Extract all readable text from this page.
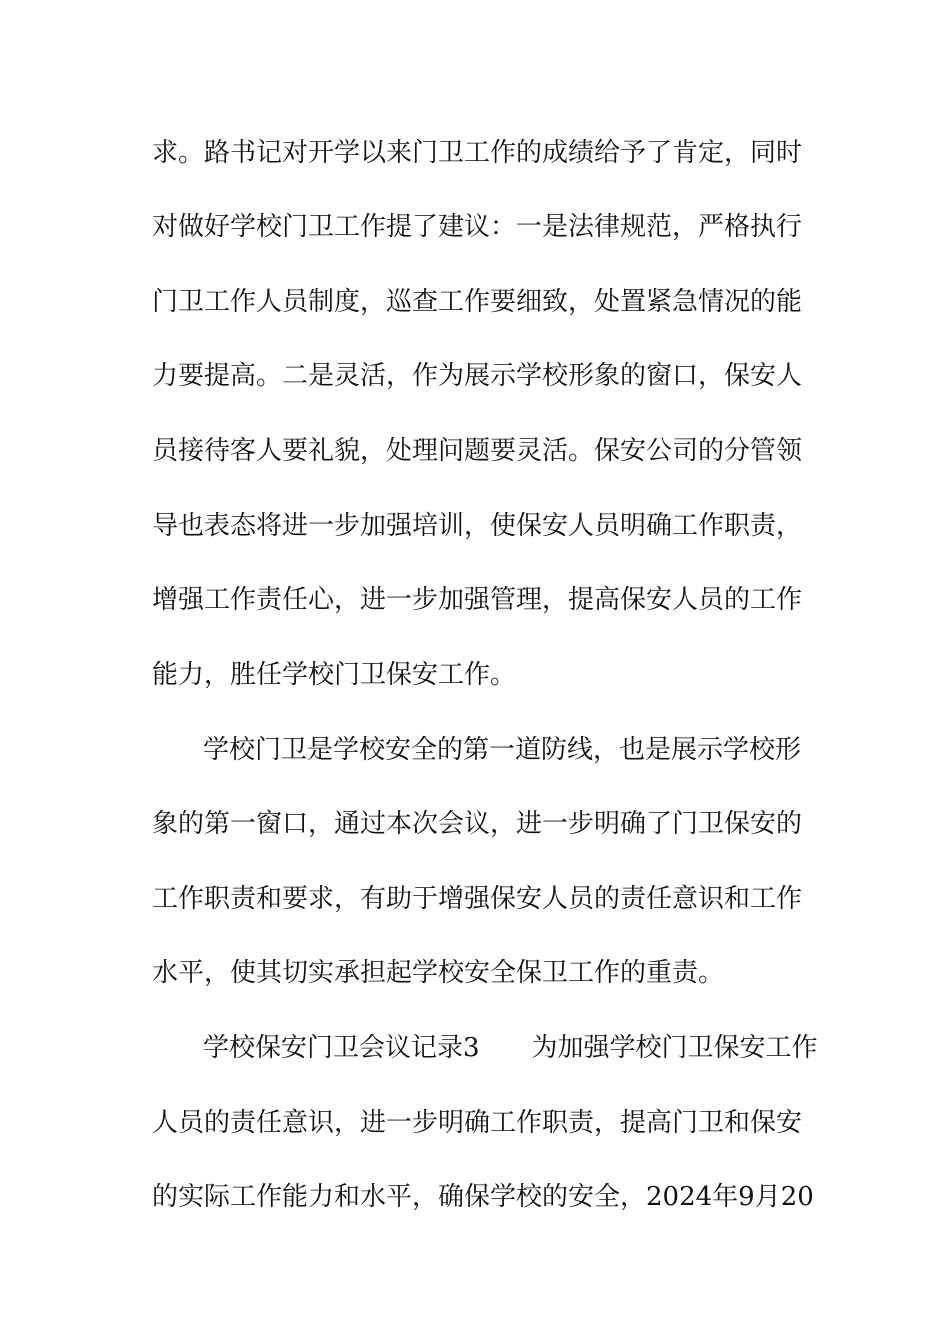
求。路书记对开学以来门卫工作的成绩给予了肯定，同时
对做好学校门卫工作提了建议：一是法律规范，严格执行
门卫工作人员制度，巡查工作要细致，处置紧急情况的能
力要提高。二是灵活，作为展示学校形象的窗口，保安人
员接待客人要礼貌，处理问题要灵活。保安公司的分管领
导也表态将进一步加强培训，使保安人员明确工作职责，
增强工作责任心，进一步加强管理，提高保安人员的工作
能力，胜任学校门卫保安工作。
学校门卫是学校安全的第一道防线，也是展示学校形
象的第一窗口，通过本次会议，进一步明确了门卫保安的
工作职责和要求，有助于增强保安人员的责任意识和工作
水平，使其切实承担起学校安全保卫工作的重责。
学校保安门卫会议记录3　　为加强学校门卫保安工作
人员的责任意识，进一步明确工作职责，提高门卫和保安
的实际工作能力和水平，确保学校的安全，2024年9月20
